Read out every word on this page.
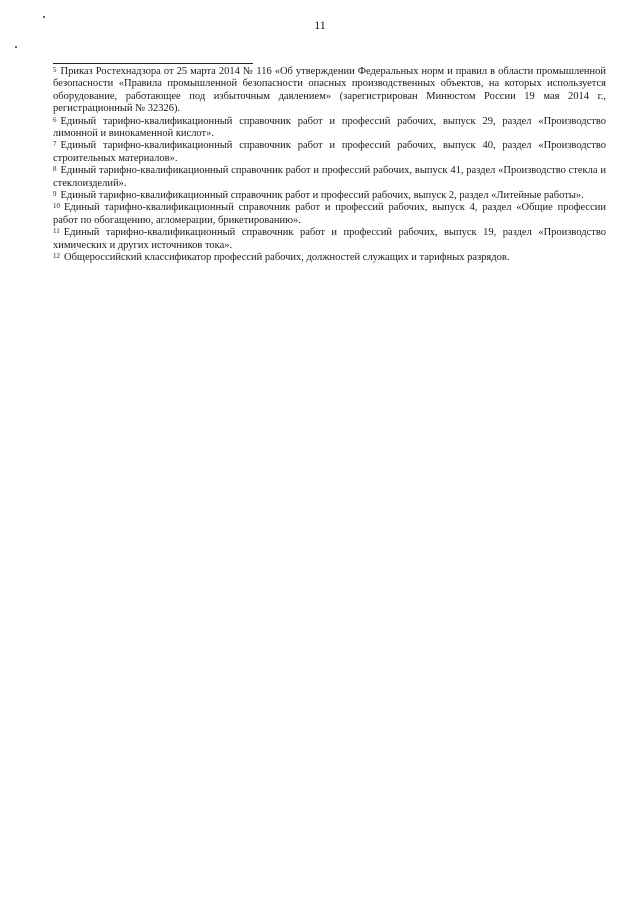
11

$^5$ Приказ Ростехнадзора от 25 марта 2014 № 116 «Об утверждении Федеральных норм и правил в области промышленной безопасности «Правила промышленной безопасности опасных производственных объектов, на которых используется оборудование, работающее под избыточным давлением» (зарегистрирован Минюстом России 19 мая 2014 г., регистрационный № 32326).

$^6$ Единый тарифно-квалификационный справочник работ и профессий рабочих, выпуск 29, раздел «Производство лимонной и винокаменной кислот».

$^7$ Единый тарифно-квалификационный справочник работ и профессий рабочих, выпуск 40, раздел «Производство строительных материалов».

$^8$ Единый тарифно-квалификационный справочник работ и профессий рабочих, выпуск 41, раздел «Производство стекла и стеклоизделий».

$^9$ Единый тарифно-квалификационный справочник работ и профессий рабочих, выпуск 2, раздел «Литейные работы».

$^{10}$ Единый тарифно-квалификационный справочник работ и профессий рабочих, выпуск 4, раздел «Общие профессии работ по обогащению, агломерации, брикетированию».

$^{11}$ Единый тарифно-квалификационный справочник работ и профессий рабочих, выпуск 19, раздел «Производство химических и других источников тока».

$^{12}$ Общероссийский классификатор профессий рабочих, должностей служащих и тарифных разрядов.
